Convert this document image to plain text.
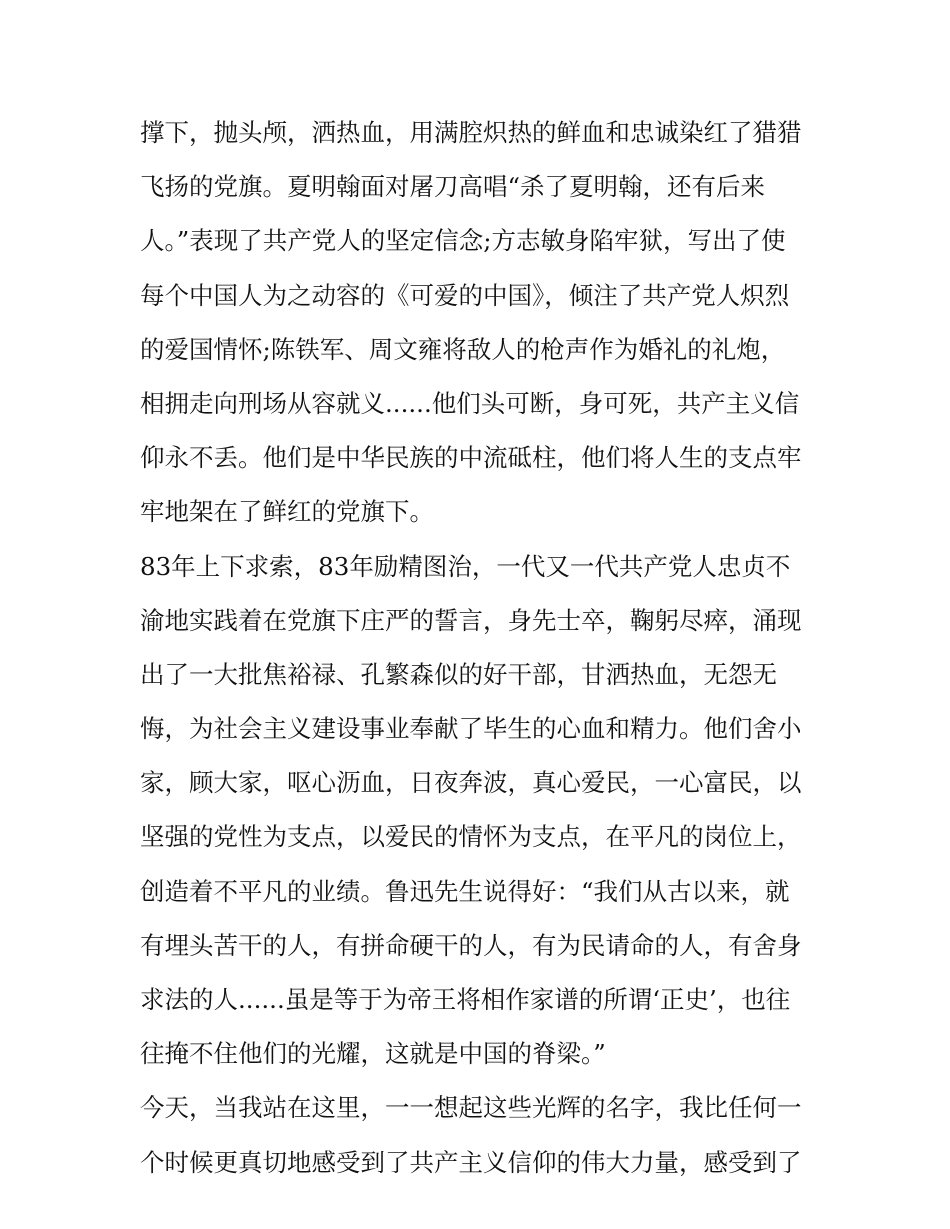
撑下，抛头颅，洒热血，用满腔炽热的鲜血和忠诚染红了猎猎
飞扬的党旗。夏明翰面对屠刀高唱“杀了夏明翰，还有后来
人。”表现了共产党人的坚定信念;方志敏身陷牢狱，写出了使
每个中国人为之动容的《可爱的中国》，倾注了共产党人炽烈
的爱国情怀;陈铁军、周文雍将敌人的枪声作为婚礼的礼炮，
相拥走向刑场从容就义......他们头可断，身可死，共产主义信
仰永不丢。他们是中华民族的中流砥柱，他们将人生的支点牢
牢地架在了鲜红的党旗下。
83年上下求索，83年励精图治，一代又一代共产党人忠贞不
渝地实践着在党旗下庄严的誓言，身先士卒，鞠躬尽瘁，涌现
出了一大批焦裕禄、孔繁森似的好干部，甘洒热血，无怨无
悔，为社会主义建设事业奉献了毕生的心血和精力。他们舍小
家，顾大家，呕心沥血，日夜奔波，真心爱民，一心富民，以
坚强的党性为支点，以爱民的情怀为支点，在平凡的岗位上，
创造着不平凡的业绩。鲁迅先生说得好：“我们从古以来，就
有埋头苦干的人，有拼命硬干的人，有为民请命的人，有舍身
求法的人......虽是等于为帝王将相作家谱的所谓‘正史’，也往
往掩不住他们的光耀，这就是中国的脊梁。”
今天，当我站在这里，一一想起这些光辉的名字，我比任何一
个时候更真切地感受到了共产主义信仰的伟大力量，感受到了
